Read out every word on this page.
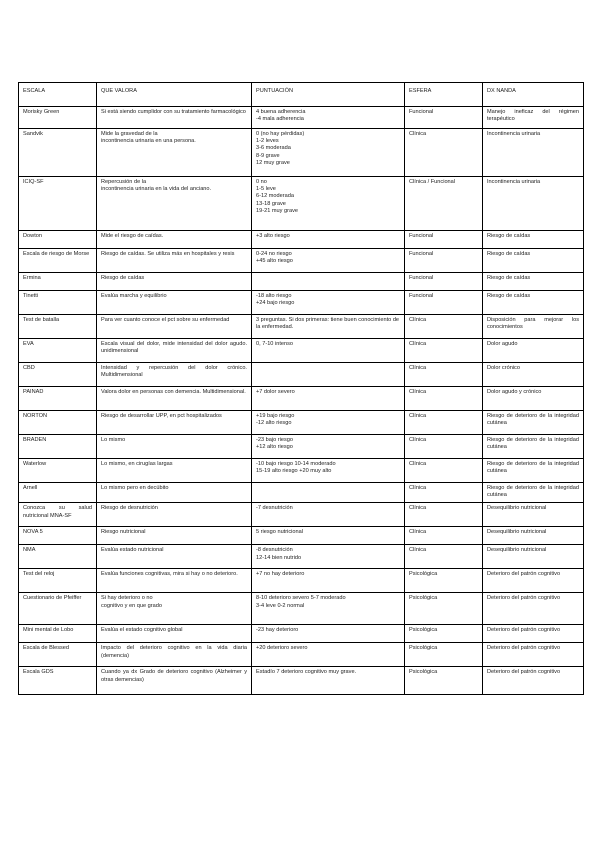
ESCALA	QUE VALORA	PUNTUACIÓN	ESFERA	DX NANDA

Morisky Green	Si está siendo cumplidor con su tratamiento farmacológico	4 buena adherencia
-4 mala adherencia	Funcional	Manejo ineficaz del régimen terapéutico

Sandvik	Mide la gravedad de la
incontinencia urinaria en una persona.	0 (no hay pérdidas)
1-2 leves
3-6 moderada
8-9 grave
12 muy grave	Clínica	Incontinencia urinaria

ICIQ-SF	Repercusión de la
incontinencia urinaria en la vida del anciano.	0 no
1-5 leve
6-12 moderada
13-18 grave
19-21 muy grave	Clínica / Funcional	Incontinencia urinaria

Dowton	Mide el riesgo de caídas.	+3 alto riesgo	Funcional	Riesgo de caídas

Escala de riesgo de Morse	Riesgo de caídas. Se utiliza más en hospitales y resis	0-24 no riesgo
+45 alto riesgo	Funcional	Riesgo de caídas

Ermina	Riesgo de caídas		Funcional	Riesgo de caídas

Tinetti	Evalúa marcha y equilibrio	-18 alto riesgo
+24 bajo riesgo	Funcional	Riesgo de caídas

Test de batalla	Para ver cuanto conoce el pct sobre su enfermedad	3 preguntas. Si dos primeras: tiene buen conocimiento de la enfermedad.	Clínica	Disposición para mejorar los conocimientos

EVA	Escala visual del dolor, mide intensidad del dolor agudo. unidimensional	0, 7-10 intenso	Clínica	Dolor agudo

CBD	Intensidad y repercusión del dolor crónico. Multidimensional		Clínica	Dolor crónico

PAINAD	Valora dolor en personas con demencia. Multidimensional.	+7 dolor severo	Clínica	Dolor agudo y crónico

NORTON	Riesgo de desarrollar UPP, en pct hospitalizados	+19 bajo riesgo
-12 alto riesgo	Clínica	Riesgo de deterioro de la integridad cutánea

BRADEN	Lo mismo	-23 bajo riesgo
+12 alto riesgo	Clínica	Riesgo de deterioro de la integridad cutánea

Waterlow	Lo mismo, en cirugías largas	-10 bajo riesgo 10-14 moderado
15-19 alto riesgo +20 muy alto	Clínica	Riesgo de deterioro de la integridad cutánea

Arnell	Lo mismo pero en decúbito		Clínica	Riesgo de deterioro de la integridad cutánea

Conozca su salud nutricional MNA-SF	Riesgo de desnutrición	-7 desnutrición	Clínica	Desequilibrio nutricional

NOVA 5	Riesgo nutricional	5 riesgo nutricional	Clínica	Desequilibrio nutricional

NMA	Evalúa estado nutricional	-8 desnutrición
12-14 bien nutrido	Clínica	Desequilibrio nutricional

Test del reloj	Evalúa funciones cognitivas, mira si hay o no deterioro.	+7 no hay deterioro	Psicológica	Deterioro del patrón cognitivo

Cuestionario de Pfeiffer	Si hay deterioro o no
cognitivo y en que grado	8-10 deterioro severo 5-7 moderado
3-4 leve 0-2 normal	Psicológica	Deterioro del patrón cognitivo

Mini mental de Lobo	Evalúa el estado cognitivo global	-23 hay deterioro	Psicológica	Deterioro del patrón cognitivo

Escala de Blessed	Impacto del deterioro cognitivo en la vida diaria (demencia)	+20 deterioro severo	Psicológica	Deterioro del patrón cognitivo

Escala GDS	Cuando ya dx Grado de deterioro cognitivo (Alzheimer y otras demencias)	Estadío 7 deterioro cognitivo muy grave.	Psicológica	Deterioro del patrón cognitivo
